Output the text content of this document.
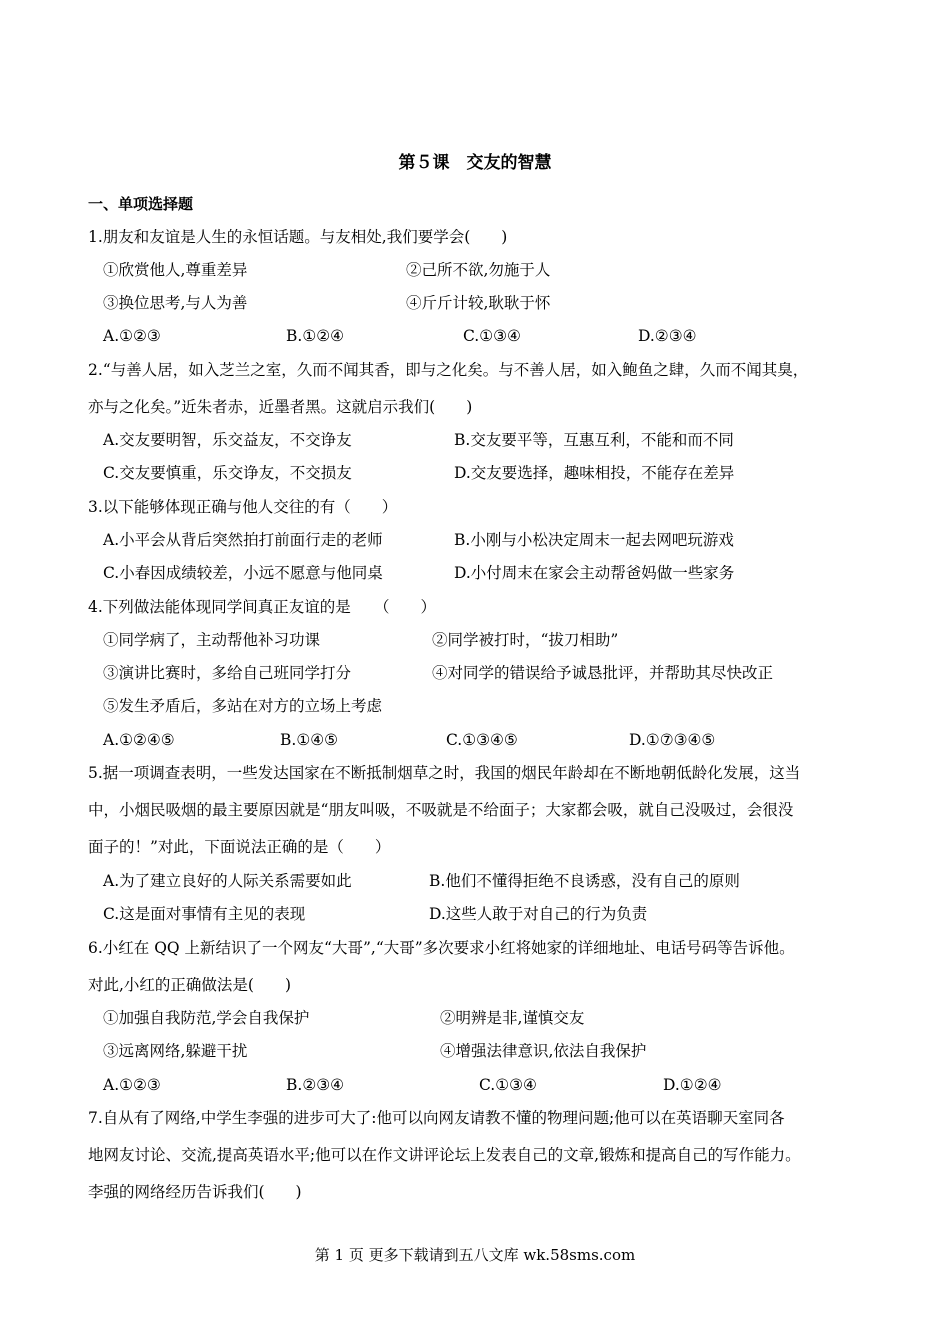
第５课　交友的智慧
一、单项选择题
1.朋友和友谊是人生的永恒话题。与友相处,我们要学会(　　)
①欣赏他人,尊重差异	②己所不欲,勿施于人
③换位思考,与人为善	④斤斤计较,耿耿于怀
A.①②③	B.①②④	C.①③④	D.②③④
2.“与善人居，如入芝兰之室，久而不闻其香，即与之化矣。与不善人居，如入鲍鱼之肆，久而不闻其臭，
亦与之化矣。”近朱者赤，近墨者黑。这就启示我们(　　)
A.交友要明智，乐交益友，不交诤友	B.交友要平等，互惠互利，不能和而不同
C.交友要慎重，乐交诤友，不交损友	D.交友要选择，趣味相投，不能存在差异
3.以下能够体现正确与他人交往的有（　　）
A.小平会从背后突然拍打前面行走的老师	B.小刚与小松决定周末一起去网吧玩游戏
C.小春因成绩较差，小远不愿意与他同桌	D.小付周末在家会主动帮爸妈做一些家务
4.下列做法能体现同学间真正友谊的是　　（　　）
①同学病了，主动帮他补习功课	②同学被打时，“拔刀相助”
③演讲比赛时，多给自己班同学打分	④对同学的错误给予诚恳批评，并帮助其尽快改正
⑤发生矛盾后，多站在对方的立场上考虑
A.①②④⑤	B.①④⑤	C.①③④⑤	D.①⑦③④⑤
5.据一项调查表明，一些发达国家在不断抵制烟草之时，我国的烟民年龄却在不断地朝低龄化发展，这当
中，小烟民吸烟的最主要原因就是“朋友叫吸，不吸就是不给面子；大家都会吸，就自己没吸过，会很没
面子的！”对此，下面说法正确的是（　　）
A.为了建立良好的人际关系需要如此	B.他们不懂得拒绝不良诱惑，没有自己的原则
C.这是面对事情有主见的表现	D.这些人敢于对自己的行为负责
6.小红在 QQ 上新结识了一个网友“大哥”,“大哥”多次要求小红将她家的详细地址、电话号码等告诉他。
对此,小红的正确做法是(　　)
①加强自我防范,学会自我保护	②明辨是非,谨慎交友
③远离网络,躲避干扰	④增强法律意识,依法自我保护
A.①②③	B.②③④	C.①③④	D.①②④
7.自从有了网络,中学生李强的进步可大了:他可以向网友请教不懂的物理问题;他可以在英语聊天室同各
地网友讨论、交流,提高英语水平;他可以在作文讲评论坛上发表自己的文章,锻炼和提高自己的写作能力。
李强的网络经历告诉我们(　　)
第 1 页 更多下载请到五八文库 wk.58sms.com
